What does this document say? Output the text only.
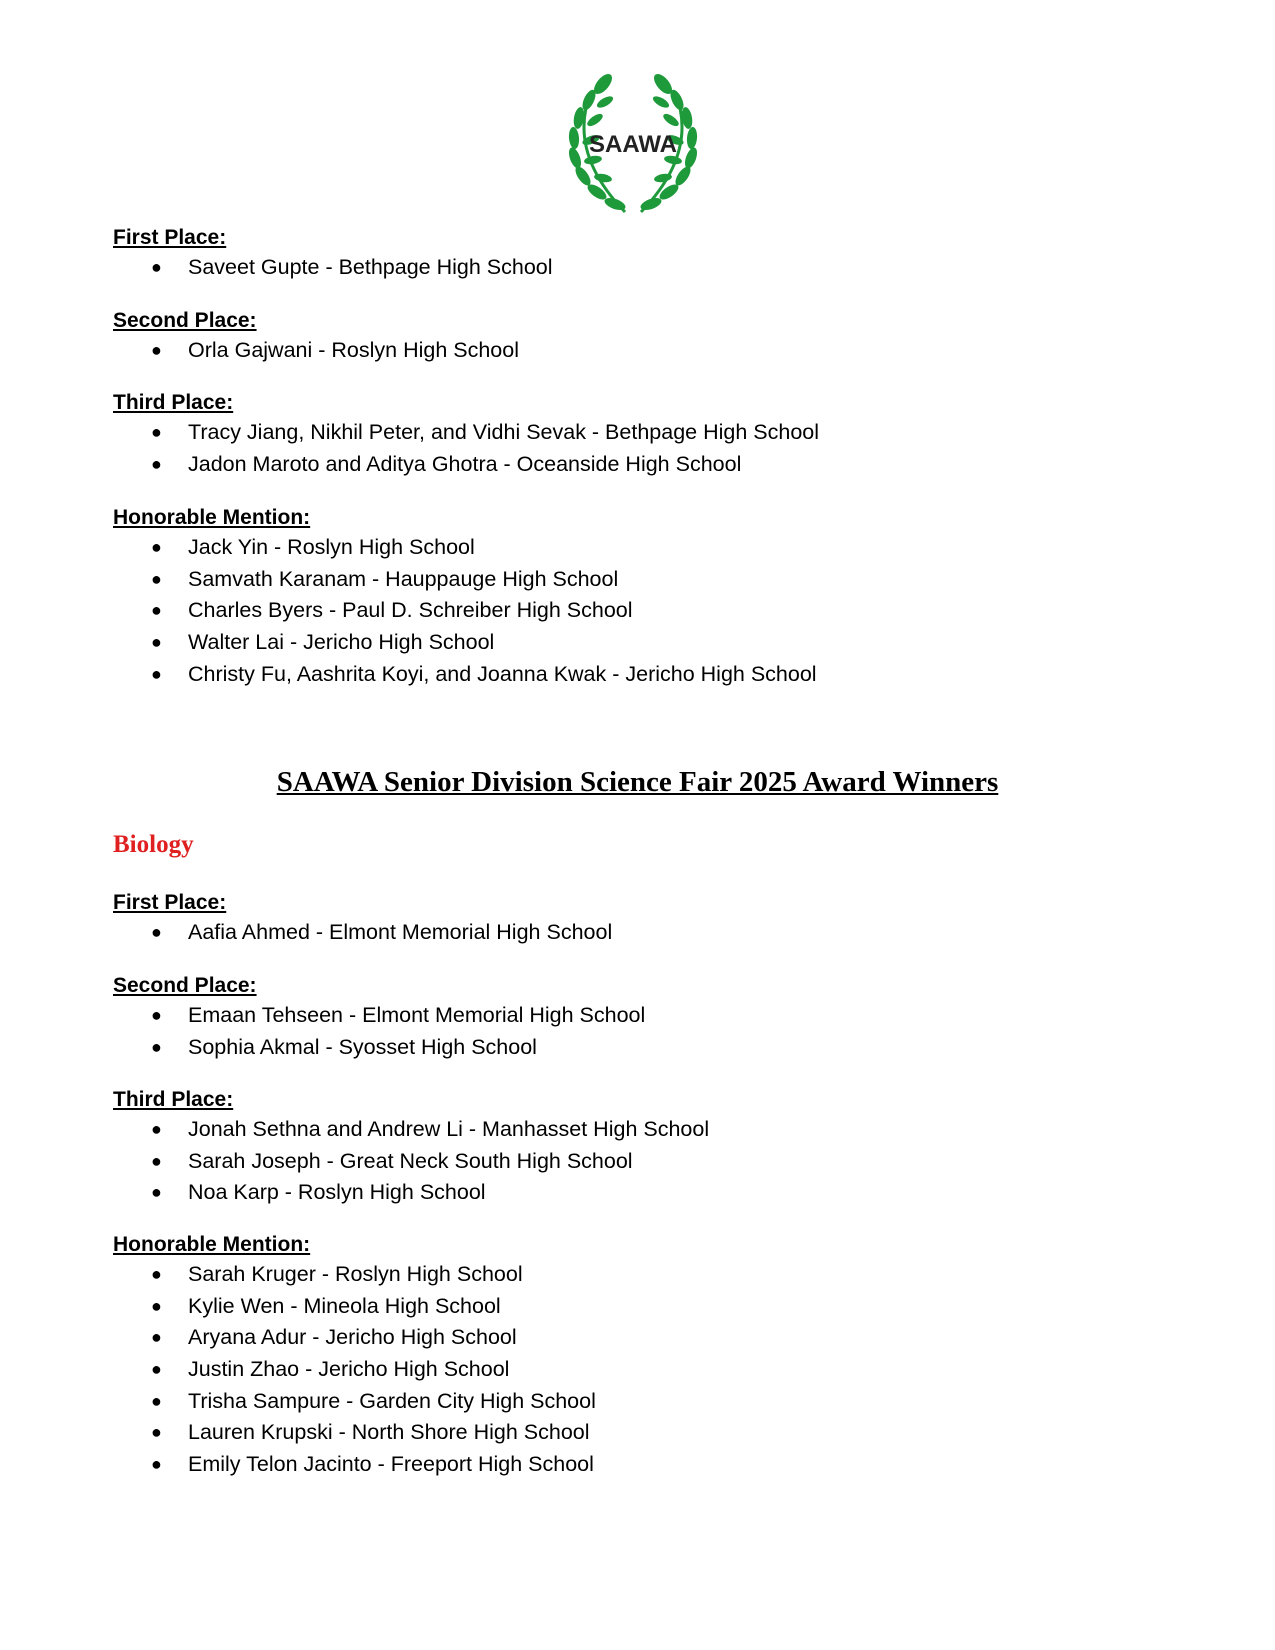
SAAWA
First Place:
● Saveet Gupte - Bethpage High School
Second Place:
● Orla Gajwani - Roslyn High School
Third Place:
● Tracy Jiang, Nikhil Peter, and Vidhi Sevak - Bethpage High School
● Jadon Maroto and Aditya Ghotra - Oceanside High School
Honorable Mention:
● Jack Yin - Roslyn High School
● Samvath Karanam - Hauppauge High School
● Charles Byers - Paul D. Schreiber High School
● Walter Lai - Jericho High School
● Christy Fu, Aashrita Koyi, and Joanna Kwak - Jericho High School
SAAWA Senior Division Science Fair 2025 Award Winners
Biology
First Place:
● Aafia Ahmed - Elmont Memorial High School
Second Place:
● Emaan Tehseen - Elmont Memorial High School
● Sophia Akmal - Syosset High School
Third Place:
● Jonah Sethna and Andrew Li - Manhasset High School
● Sarah Joseph - Great Neck South High School
● Noa Karp - Roslyn High School
Honorable Mention:
● Sarah Kruger - Roslyn High School
● Kylie Wen - Mineola High School
● Aryana Adur - Jericho High School
● Justin Zhao - Jericho High School
● Trisha Sampure - Garden City High School
● Lauren Krupski - North Shore High School
● Emily Telon Jacinto - Freeport High School
